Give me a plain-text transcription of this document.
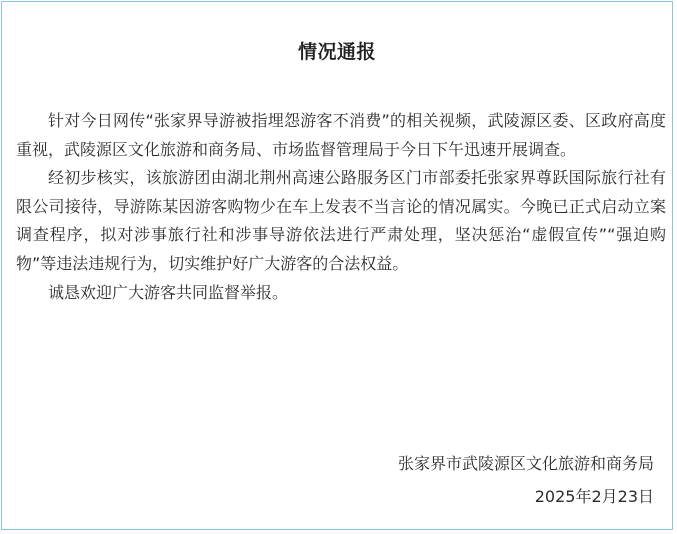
情况通报

针对今日网传“张家界导游被指埋怨游客不消费”的相关视频，武陵源区委、区政府高度重视，武陵源区文化旅游和商务局、市场监督管理局于今日下午迅速开展调查。

经初步核实，该旅游团由湖北荆州高速公路服务区门市部委托张家界尊跃国际旅行社有限公司接待，导游陈某因游客购物少在车上发表不当言论的情况属实。今晚已正式启动立案调查程序，拟对涉事旅行社和涉事导游依法进行严肃处理，坚决惩治“虚假宣传”“强迫购物”等违法违规行为，切实维护好广大游客的合法权益。

诚恳欢迎广大游客共同监督举报。

张家界市武陵源区文化旅游和商务局
2025年2月23日
